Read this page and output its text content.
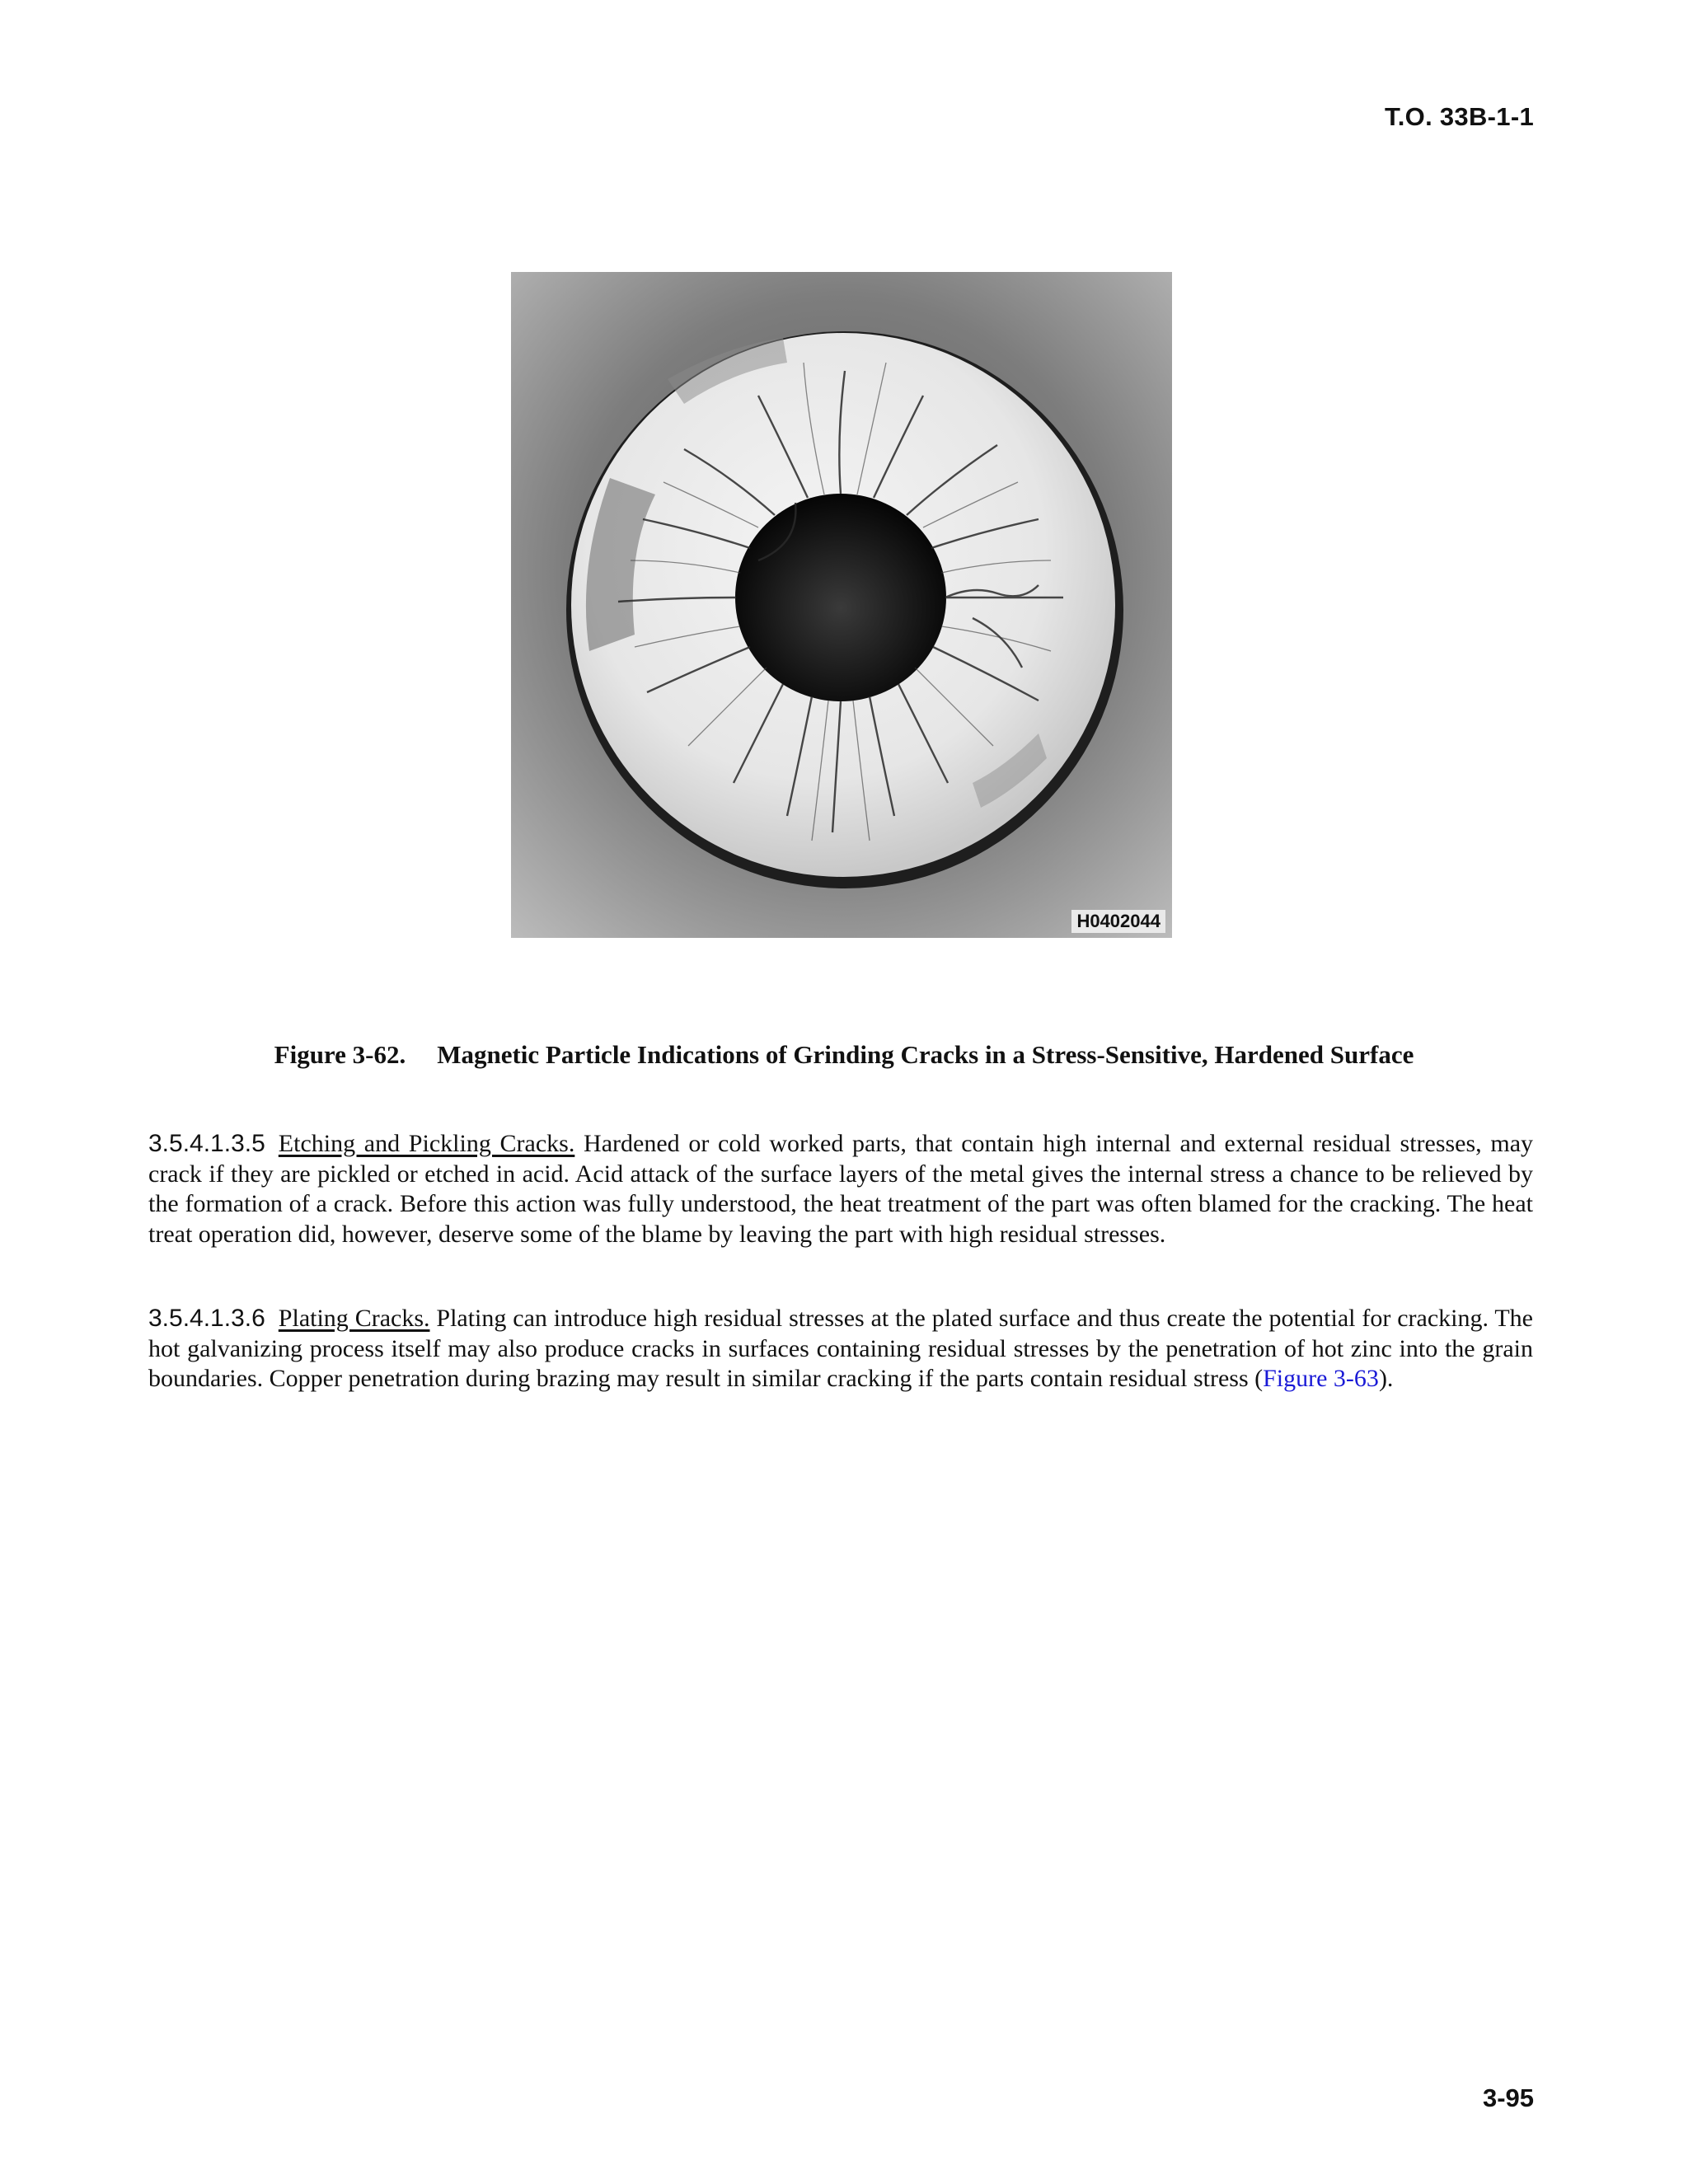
T.O. 33B-1-1
H0402044
Figure 3-62. Magnetic Particle Indications of Grinding Cracks in a Stress-Sensitive, Hardened Surface

3.5.4.1.3.5 Etching and Pickling Cracks. Hardened or cold worked parts, that contain high internal and external residual stresses, may crack if they are pickled or etched in acid. Acid attack of the surface layers of the metal gives the internal stress a chance to be relieved by the formation of a crack. Before this action was fully understood, the heat treatment of the part was often blamed for the cracking. The heat treat operation did, however, deserve some of the blame by leaving the part with high residual stresses.

3.5.4.1.3.6 Plating Cracks. Plating can introduce high residual stresses at the plated surface and thus create the potential for cracking. The hot galvanizing process itself may also produce cracks in surfaces containing residual stresses by the penetration of hot zinc into the grain boundaries. Copper penetration during brazing may result in similar cracking if the parts contain residual stress (Figure 3-63).

3-95
